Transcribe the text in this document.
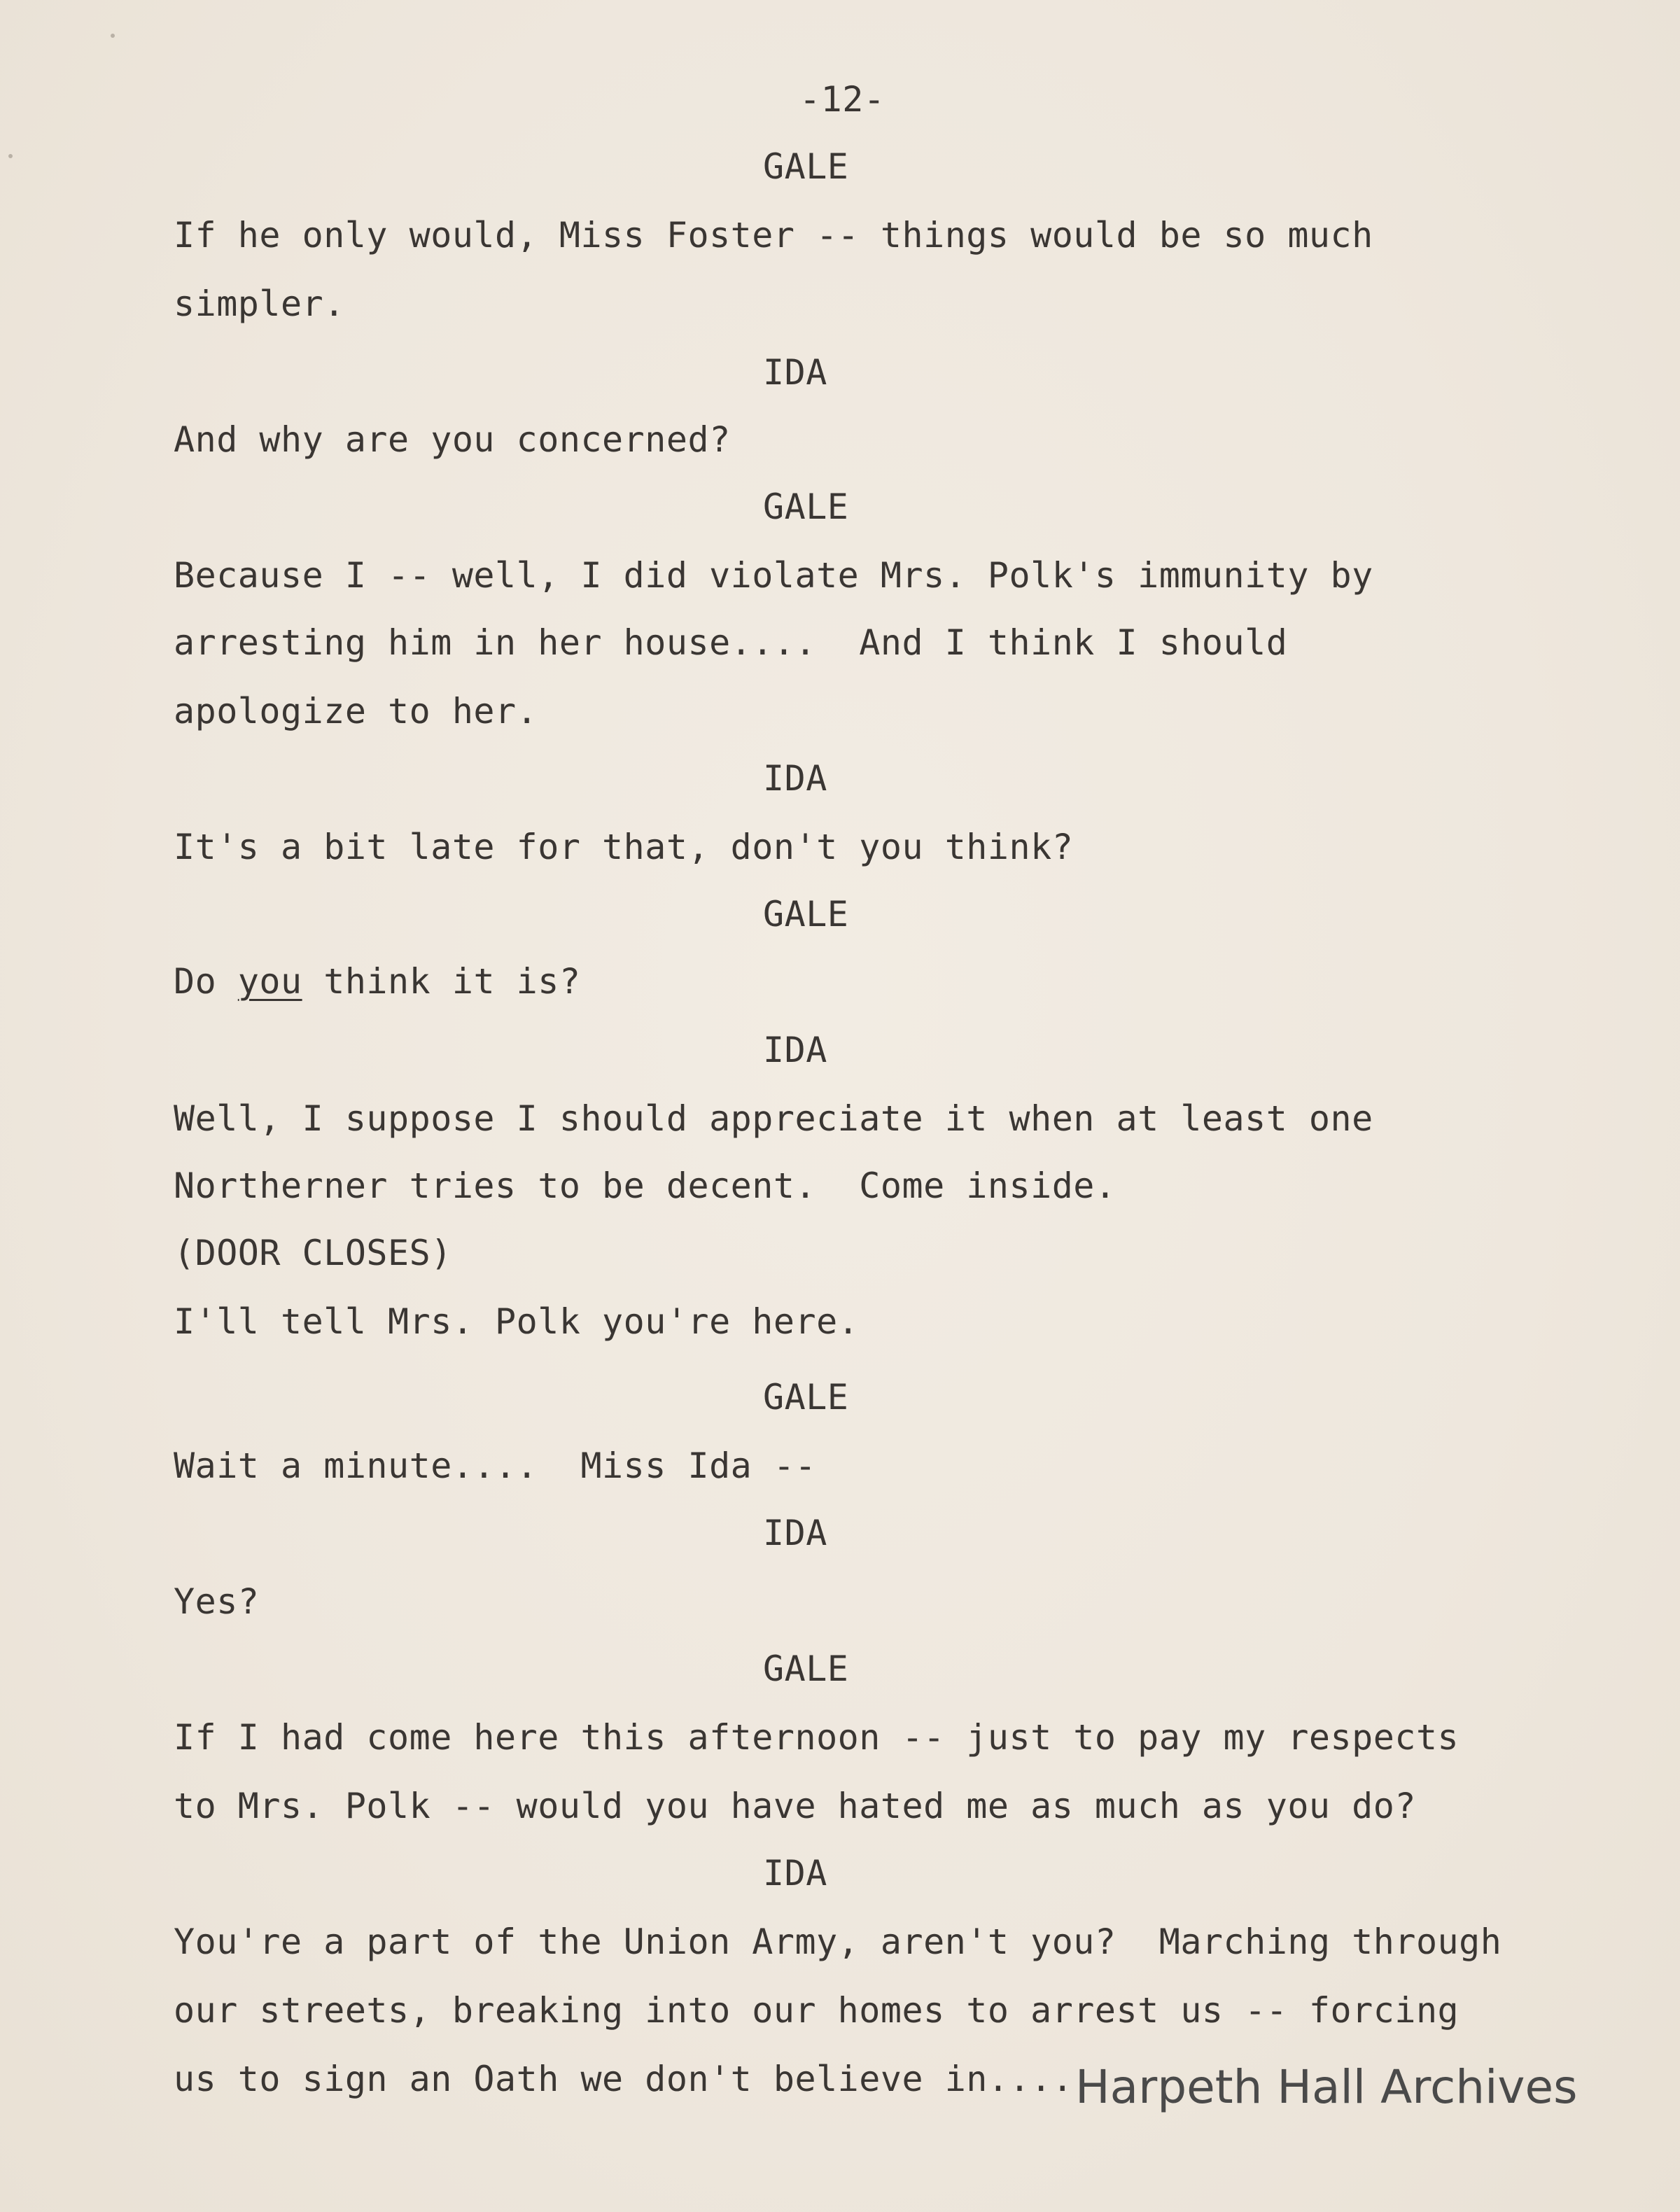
-12-
GALE
If he only would, Miss Foster -- things would be so much
simpler.
IDA
And why are you concerned?
GALE
Because I -- well, I did violate Mrs. Polk's immunity by
arresting him in her house....  And I think I should
apologize to her.
IDA
It's a bit late for that, don't you think?
GALE
Do you think it is?
IDA
Well, I suppose I should appreciate it when at least one
Northerner tries to be decent.  Come inside.
(DOOR CLOSES)
I'll tell Mrs. Polk you're here.
GALE
Wait a minute....  Miss Ida --
IDA
Yes?
GALE
If I had come here this afternoon -- just to pay my respects
to Mrs. Polk -- would you have hated me as much as you do?
IDA
You're a part of the Union Army, aren't you?  Marching through
our streets, breaking into our homes to arrest us -- forcing
us to sign an Oath we don't believe in.... Harpeth Hall Archives
